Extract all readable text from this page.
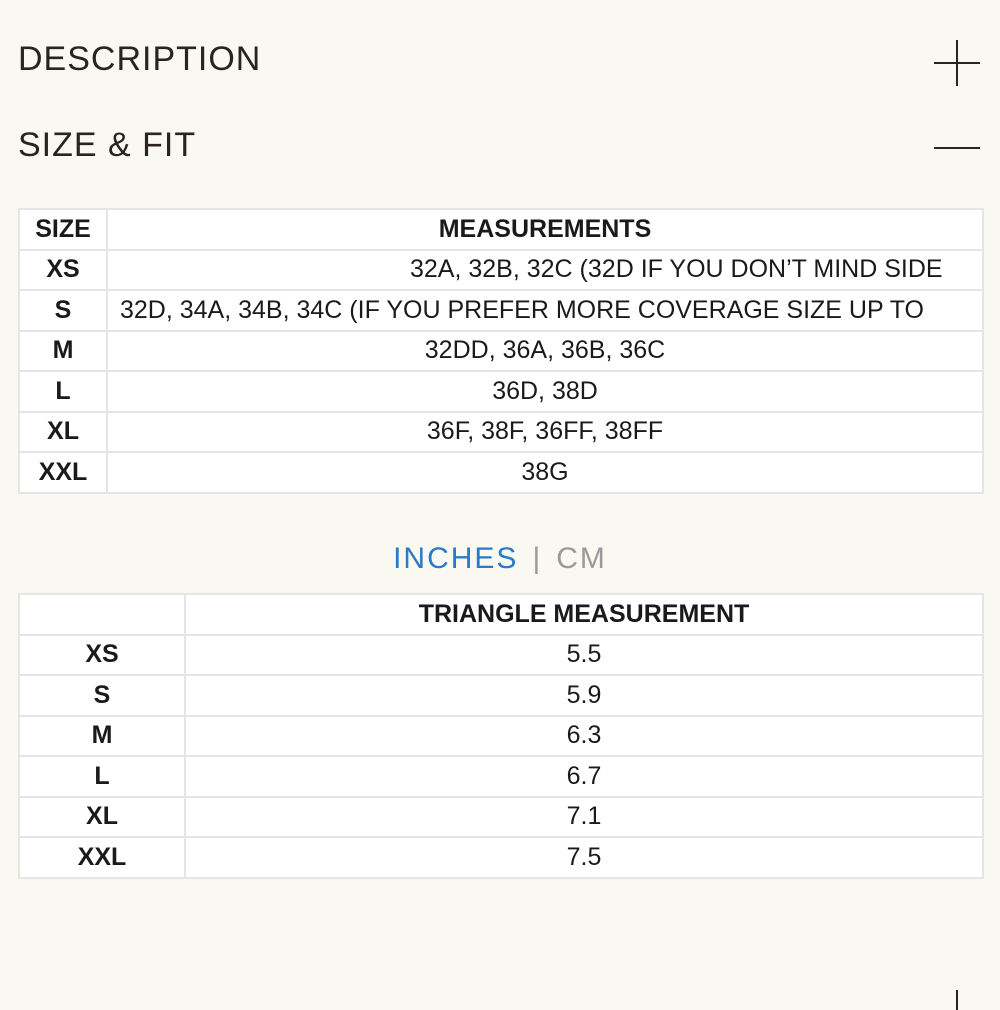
DESCRIPTION
SIZE & FIT
SIZE	MEASUREMENTS
XS	32A, 32B, 32C (32D IF YOU DON’T MIND SIDE
S	32D, 34A, 34B, 34C (IF YOU PREFER MORE COVERAGE SIZE UP TO
M	32DD, 36A, 36B, 36C
L	36D, 38D
XL	36F, 38F, 36FF, 38FF
XXL	38G
INCHES | CM
	TRIANGLE MEASUREMENT
XS	5.5
S	5.9
M	6.3
L	6.7
XL	7.1
XXL	7.5
